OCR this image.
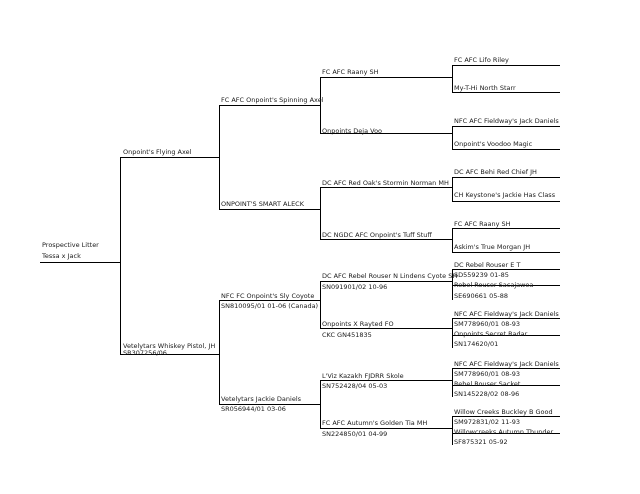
Prospective Litter

Tessa x Jack

Onpoint's Flying Axel

Vetelytars Whiskey Pistol, JH

SR307256/06

FC AFC Onpoint's Spinning Axel

ONPOINT'S SMART ALECK

NFC FC Onpoint's Sly Coyote

SN810095/01 01-06 (Canada)

Vetelytars Jackie Daniels

SR056944/01 03-06

FC AFC Raany SH

Onpoints Deja Voo

DC AFC Red Oak's Stormin Norman MH

DC NGDC AFC Onpoint's Tuff Stuff

DC AFC Rebel Rouser N Lindens Cyote SH

SN091901/02 10-96

Onpoints X Rayted FO

CKC GN451835

L'Viz Kazakh FJDRR Skole

SN752428/04 05-03

FC AFC Autumn's Golden Tia MH

SN224850/01 04-99

FC AFC Lifo Riley

My-T-Hi North Starr

NFC AFC Fieldway's Jack Daniels

Onpoint's Voodoo Magic

DC AFC Behi Red Chief JH

CH Keystone's Jackie Has Class

FC AFC Raany SH

Askim's True Morgan JH

DC Rebel Rouser E T

SD559239 01-85

Rebel Rouser Sacajawea

SE690661 05-88

NFC AFC Fieldway's Jack Daniels

SM778960/01 08-93

Onpoints Secret Radar

SN174620/01

NFC AFC Fieldway's Jack Daniels

SM778960/01 08-93

Rebel Rouser Sacket

SN145228/02 08-96

Willow Creeks Buckley B Good

SM972831/02 11-93

Willowcreeks Autumn Thunder

SF875321 05-92
